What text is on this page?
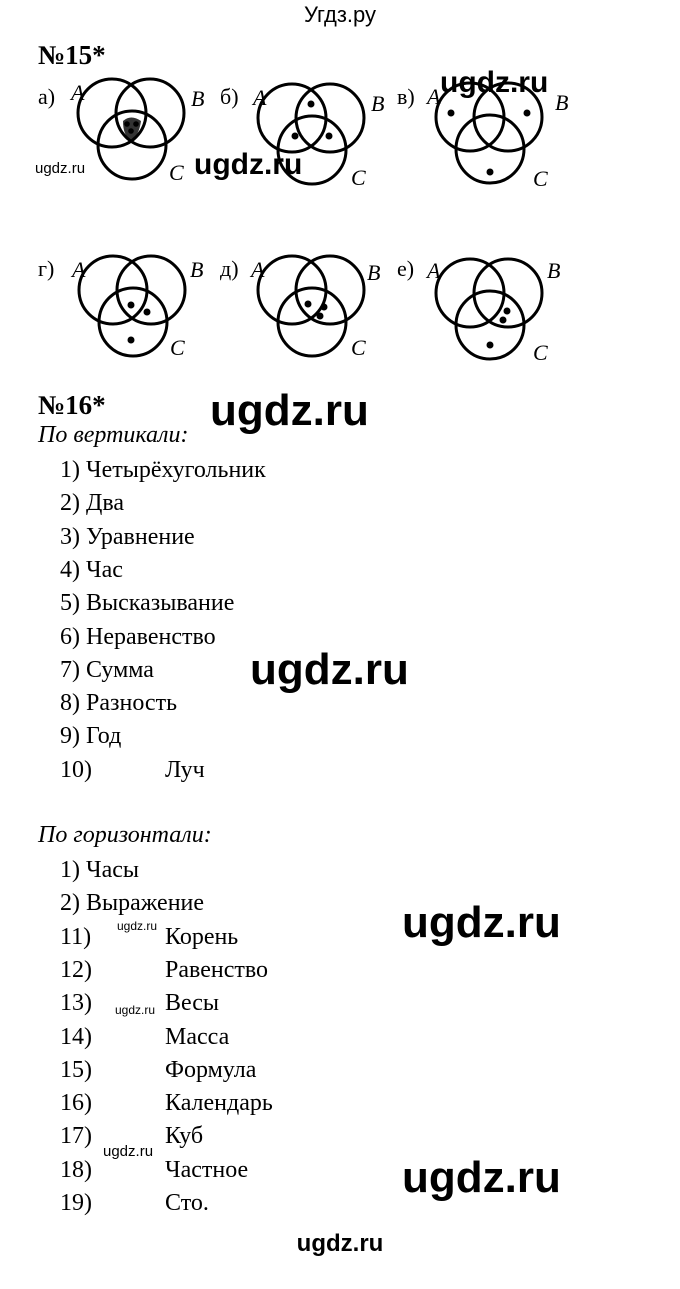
Угдз.ру
№15*
ugdz.ru
ugdz.ru	ugdz.ru
ugdz.ru
ugdz.ru
ugdz.ru
ugdz.ru
ugdz.ru
ugdz.ru
ugdz.ru
а)	б)	в)
г)	д)	е)
A	B
C
A	B
C
A	B
C
A	B
C
A	B
C
A	B
C
№16*
По вертикали:
1) Четырёхугольник
2) Два
3) Уравнение
4) Час
5) Высказывание
6) Неравенство
7) Сумма
8) Разность
9) Год
10)	Луч
По горизонтали:
1) Часы
2) Выражение
11)	Корень
12)	Равенство
13)	Весы
14)	Масса
15)	Формула
16)	Календарь
17)	Куб
18)	Частное
19)	Сто.
ugdz.ru
